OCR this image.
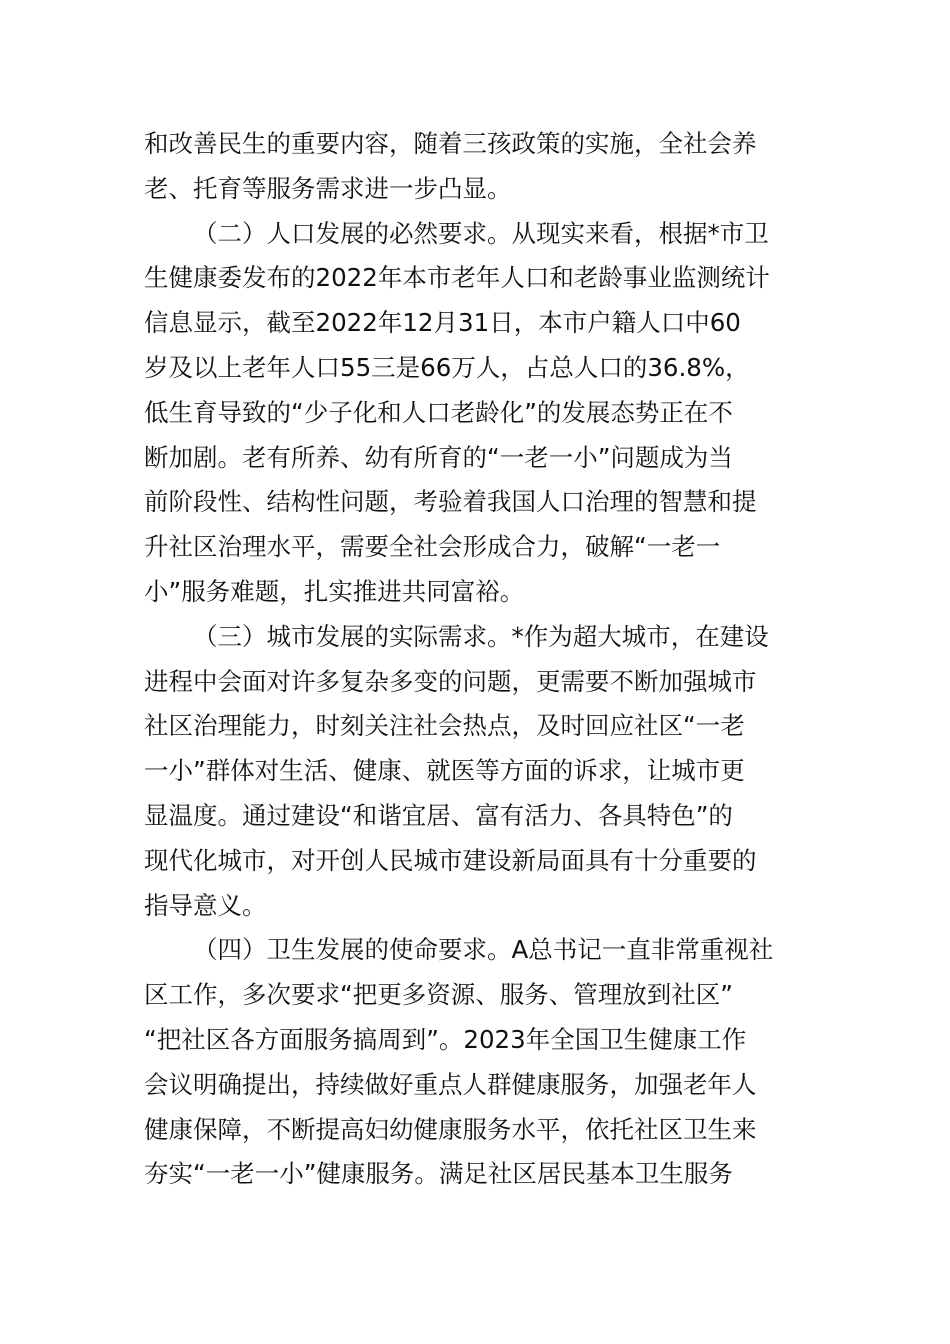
和改善民生的重要内容，随着三孩政策的实施，全社会养
老、托育等服务需求进一步凸显。
（二）人口发展的必然要求。从现实来看，根据*市卫
生健康委发布的2022年本市老年人口和老龄事业监测统计
信息显示，截至2022年12月31日，本市户籍人口中60
岁及以上老年人口55三是66万人，占总人口的36.8%，
低生育导致的“少子化和人口老龄化”的发展态势正在不
断加剧。老有所养、幼有所育的“一老一小”问题成为当
前阶段性、结构性问题，考验着我国人口治理的智慧和提
升社区治理水平，需要全社会形成合力，破解“一老一
小”服务难题，扎实推进共同富裕。
（三）城市发展的实际需求。*作为超大城市，在建设
进程中会面对许多复杂多变的问题，更需要不断加强城市
社区治理能力，时刻关注社会热点，及时回应社区“一老
一小”群体对生活、健康、就医等方面的诉求，让城市更
显温度。通过建设“和谐宜居、富有活力、各具特色”的
现代化城市，对开创人民城市建设新局面具有十分重要的
指导意义。
（四）卫生发展的使命要求。A总书记一直非常重视社
区工作，多次要求“把更多资源、服务、管理放到社区”
“把社区各方面服务搞周到”。2023年全国卫生健康工作
会议明确提出，持续做好重点人群健康服务，加强老年人
健康保障，不断提高妇幼健康服务水平，依托社区卫生来
夯实“一老一小”健康服务。满足社区居民基本卫生服务
